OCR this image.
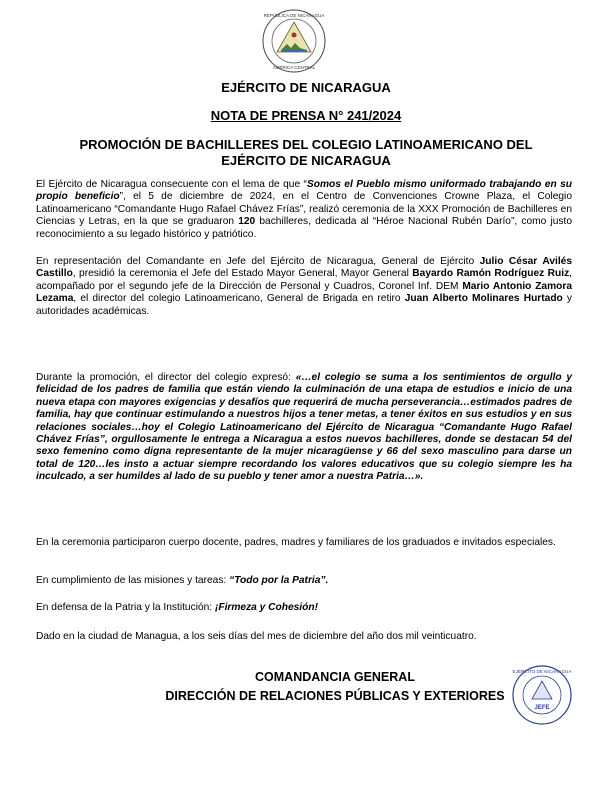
REPÚBLICA DE NICARAGUA
AMÉRICA CENTRAL
EJÉRCITO DE NICARAGUA
NOTA DE PRENSA N° 241/2024
PROMOCIÓN DE BACHILLERES DEL COLEGIO LATINOAMERICANO DEL
EJÉRCITO DE NICARAGUA

El Ejército de Nicaragua consecuente con el lema de que “Somos el Pueblo mismo uniformado trabajando en su propio beneficio”, el 5 de diciembre de 2024, en el Centro de Convenciones Crowne Plaza, el Colegio Latinoamericano “Comandante Hugo Rafael Chávez Frías”, realizó ceremonia de la XXX Promoción de Bachilleres en Ciencias y Letras, en la que se graduaron 120 bachilleres, dedicada al “Héroe Nacional Rubén Darío”, como justo reconocimiento a su legado histórico y patriótico.

En representación del Comandante en Jefe del Ejército de Nicaragua, General de Ejército Julio César Avilés Castillo, presidió la ceremonia el Jefe del Estado Mayor General, Mayor General Bayardo Ramón Rodríguez Ruiz, acompañado por el segundo jefe de la Dirección de Personal y Cuadros, Coronel Inf. DEM Mario Antonio Zamora Lezama, el director del colegio Latinoamericano, General de Brigada en retiro Juan Alberto Molinares Hurtado y autoridades académicas.

Durante la promoción, el director del colegio expresó: «…el colegio se suma a los sentimientos de orgullo y felicidad de los padres de familia que están viendo la culminación de una etapa de estudios e inicio de una nueva etapa con mayores exigencias y desafíos que requerirá de mucha perseverancia…estimados padres de familia, hay que continuar estimulando a nuestros hijos a tener metas, a tener éxitos en sus estudios y en sus relaciones sociales…hoy el Colegio Latinoamericano del Ejército de Nicaragua “Comandante Hugo Rafael Chávez Frías”, orgullosamente le entrega a Nicaragua a estos nuevos bachilleres, donde se destacan 54 del sexo femenino como digna representante de la mujer nicaragüense y 66 del sexo masculino para darse un total de 120…les insto a actuar siempre recordando los valores educativos que su colegio siempre les ha inculcado, a ser humildes al lado de su pueblo y tener amor a nuestra Patria…».

En la ceremonia participaron cuerpo docente, padres, madres y familiares de los graduados e invitados especiales.

En cumplimiento de las misiones y tareas: “Todo por la Patria”.

En defensa de la Patria y la Institución: ¡Firmeza y Cohesión!

Dado en la ciudad de Managua, a los seis días del mes de diciembre del año dos mil veinticuatro.

COMANDANCIA GENERAL
DIRECCIÓN DE RELACIONES PÚBLICAS Y EXTERIORES
EJÉRCITO DE NICARAGUA
JEFE
